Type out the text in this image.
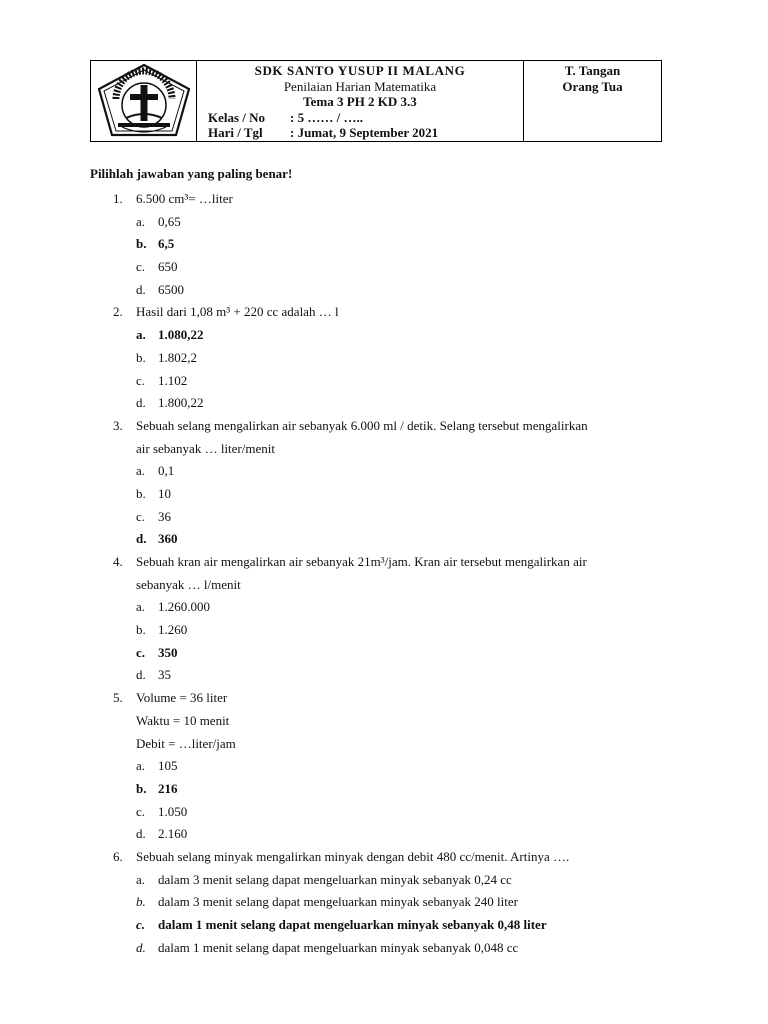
SDK SANTO YUSUP II MALANG
Penilaian Harian Matematika
Tema 3 PH 2 KD 3.3
Kelas / No	: 5 …… / …..
Hari / Tgl	: Jumat, 9 September 2021

T. Tangan
Orang Tua
Pilihlah jawaban yang paling benar!
1. 6.500 cm³= …liter
a. 0,65
b. 6,5
c. 650
d. 6500
2. Hasil dari 1,08 m³ + 220 cc adalah … l
a. 1.080,22
b. 1.802,2
c. 1.102
d. 1.800,22
3. Sebuah selang mengalirkan air sebanyak 6.000 ml / detik. Selang tersebut mengalirkan
air sebanyak … liter/menit
a. 0,1
b. 10
c. 36
d. 360
4. Sebuah kran air mengalirkan air sebanyak 21m³/jam. Kran air tersebut mengalirkan air
sebanyak … l/menit
a. 1.260.000
b. 1.260
c. 350
d. 35
5. Volume = 36 liter
Waktu = 10 menit
Debit = …liter/jam
a. 105
b. 216
c. 1.050
d. 2.160
6. Sebuah selang minyak mengalirkan minyak dengan debit 480 cc/menit. Artinya ….
a. dalam 3 menit selang dapat mengeluarkan minyak sebanyak 0,24 cc
b. dalam 3 menit selang dapat mengeluarkan minyak sebanyak 240 liter
c. dalam 1 menit selang dapat mengeluarkan minyak sebanyak 0,48 liter
d. dalam 1 menit selang dapat mengeluarkan minyak sebanyak 0,048 cc
